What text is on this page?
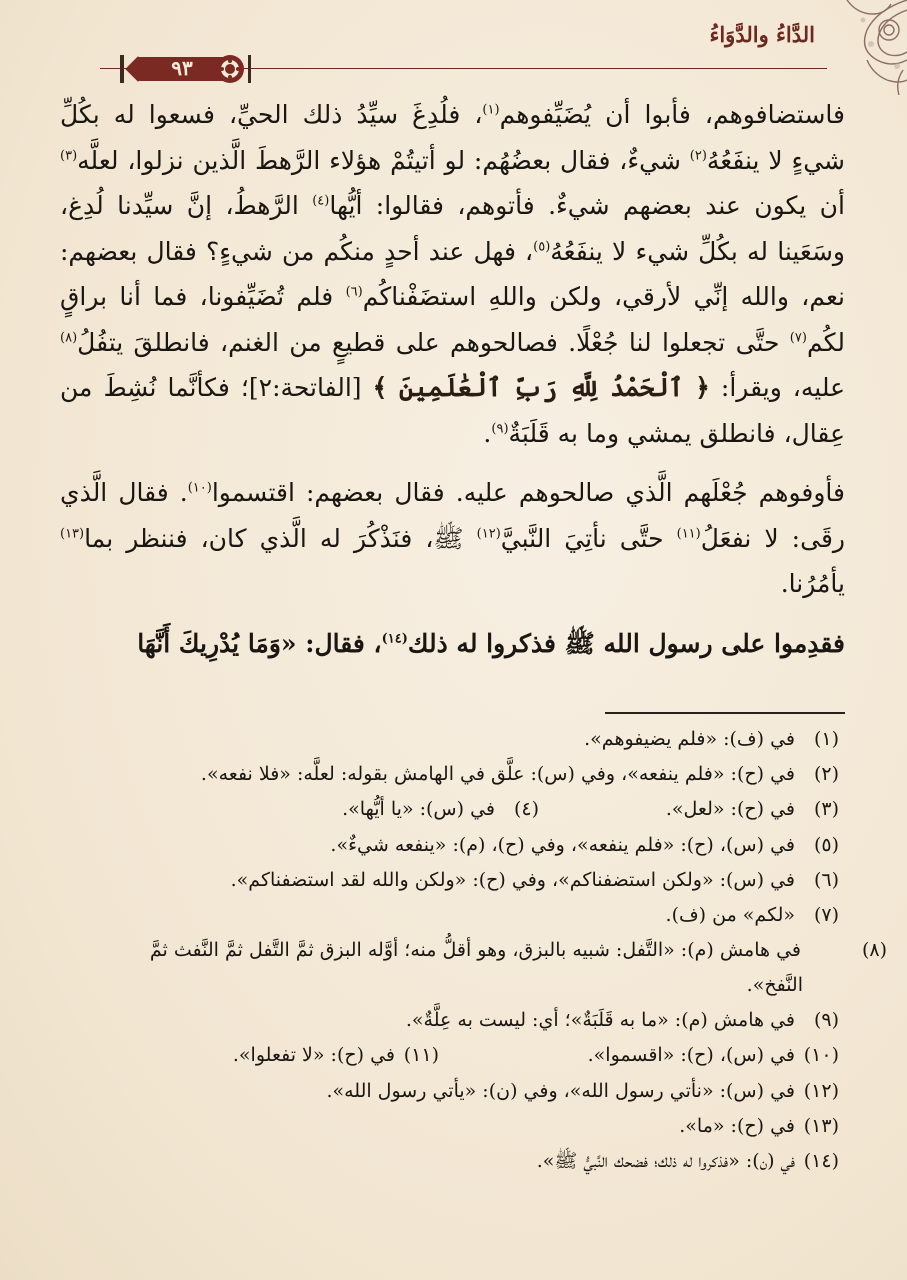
الدَّاءُ والدَّوَاءُ
٩٣

فاستضافوهم، فأبوا أن يُضَيِّفوهم$^{(١)}$، فلُدِغَ سيِّدُ ذلك الحيِّ، فسعوا له بكُلِّ شيءٍ لا ينفَعُهُ$^{(٢)}$ شيءٌ، فقال بعضُهُم: لو أتيتُمْ هؤلاء الرَّهطَ الَّذين نزلوا، لعلَّه$^{(٣)}$ أن يكون عند بعضهم شيءٌ. فأتوهم، فقالوا: أيُّها$^{(٤)}$ الرَّهطُ، إنَّ سيِّدنا لُدِغ، وسَعَينا له بكُلِّ شيء لا ينفَعُهُ$^{(٥)}$، فهل عند أحدٍ منكُم من شيءٍ؟ فقال بعضهم: نعم، والله إنِّي لأرقي، ولكن واللهِ استضَفْناكُم$^{(٦)}$ فلم تُضَيِّفونا، فما أنا براقٍ لكُم$^{(٧)}$ حتَّى تجعلوا لنا جُعْلًا. فصالحوهم على قطيعٍ من الغنم، فانطلقَ يتفُلُ$^{(٨)}$ عليه، ويقرأ: ﴿ ٱلْحَمْدُ لِلَّهِ رَبِّ ٱلْعَٰلَمِينَ ﴾ [الفاتحة:٢]؛ فكأنَّما نُشِطَ من عِقال، فانطلق يمشي وما به قَلَبَةٌ$^{(٩)}$.

فأوفوهم جُعْلَهم الَّذي صالحوهم عليه. فقال بعضهم: اقتسموا$^{(١٠)}$. فقال الَّذي رقَى: لا نفعَلُ$^{(١١)}$ حتَّى نأتِيَ النَّبيَّ$^{(١٢)}$ ﷺ، فنَذْكُرَ له الَّذي كان، فننظر بما$^{(١٣)}$ يأمُرُنا.

فقدِموا على رسول الله ﷺ فذكروا له ذلك$^{(١٤)}$، فقال: «وَمَا يُدْرِيكَ أَنَّهَا

(١)في (ف): «فلم يضيفوهم».
(٢)في (ح): «فلم ينفعه»، وفي (س): علَّق في الهامش بقوله: لعلَّه: «فلا نفعه».
(٣)في (ح): «لعل».
(٤)في (س): «يا أيُّها».
(٥)في (س)، (ح): «فلم ينفعه»، وفي (ح)، (م): «ينفعه شيءٌ».
(٦)في (س): «ولكن استضفناكم»، وفي (ح): «ولكن والله لقد استضفناكم».
(٧)«لكم» من (ف).
(٨)في هامش (م): «التَّفل: شبيه بالبزق، وهو أقلُّ منه؛ أوَّله البزق ثمَّ التَّفل ثمَّ النَّفث ثمَّ النَّفخ».
(٩)في هامش (م): «ما به قَلَبَةٌ»؛ أي: ليست به عِلَّةٌ».
(١٠)في (س)، (ح): «اقسموا».
(١١)في (ح): «لا تفعلوا».
(١٢)في (س): «نأتي رسول الله»، وفي (ن): «يأتي رسول الله».
(١٣)في (ح): «ما».
(١٤)في (ن): «فذكروا له ذلك؛ فضحك النَّبيُّ ﷺ».
